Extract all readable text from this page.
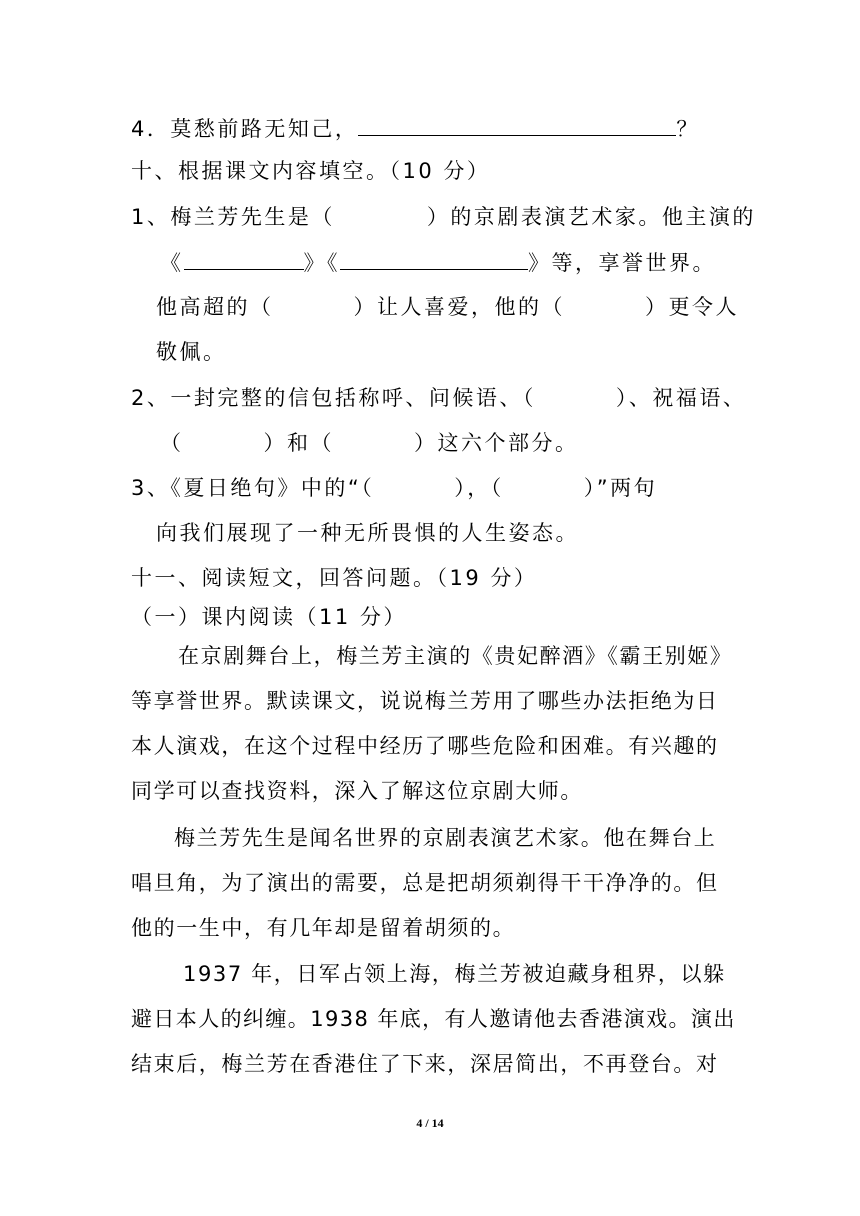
4．莫愁前路无知己，	？
十、根据课文内容填空。（10 分）
1、梅兰芳先生是（	）的京剧表演艺术家。他主演的
《	》《	》等，享誉世界。
他高超的（	）让人喜爱，他的（	）更令人
敬佩。
2、一封完整的信包括称呼、问候语、（	）、祝福语、
（	）和（	）这六个部分。
3、《夏日绝句》中的“（	），（	）”两句
向我们展现了一种无所畏惧的人生姿态。
十一、阅读短文，回答问题。（19 分）
（一）课内阅读（11 分）
在京剧舞台上，梅兰芳主演的《贵妃醉酒》《霸王别姬》
等享誉世界。默读课文，说说梅兰芳用了哪些办法拒绝为日
本人演戏，在这个过程中经历了哪些危险和困难。有兴趣的
同学可以查找资料，深入了解这位京剧大师。
梅兰芳先生是闻名世界的京剧表演艺术家。他在舞台上
唱旦角，为了演出的需要，总是把胡须剃得干干净净的。但
他的一生中，有几年却是留着胡须的。
1937 年，日军占领上海，梅兰芳被迫藏身租界，以躲
避日本人的纠缠。1938 年底，有人邀请他去香港演戏。演出
结束后，梅兰芳在香港住了下来，深居简出，不再登台。对
4 / 14
